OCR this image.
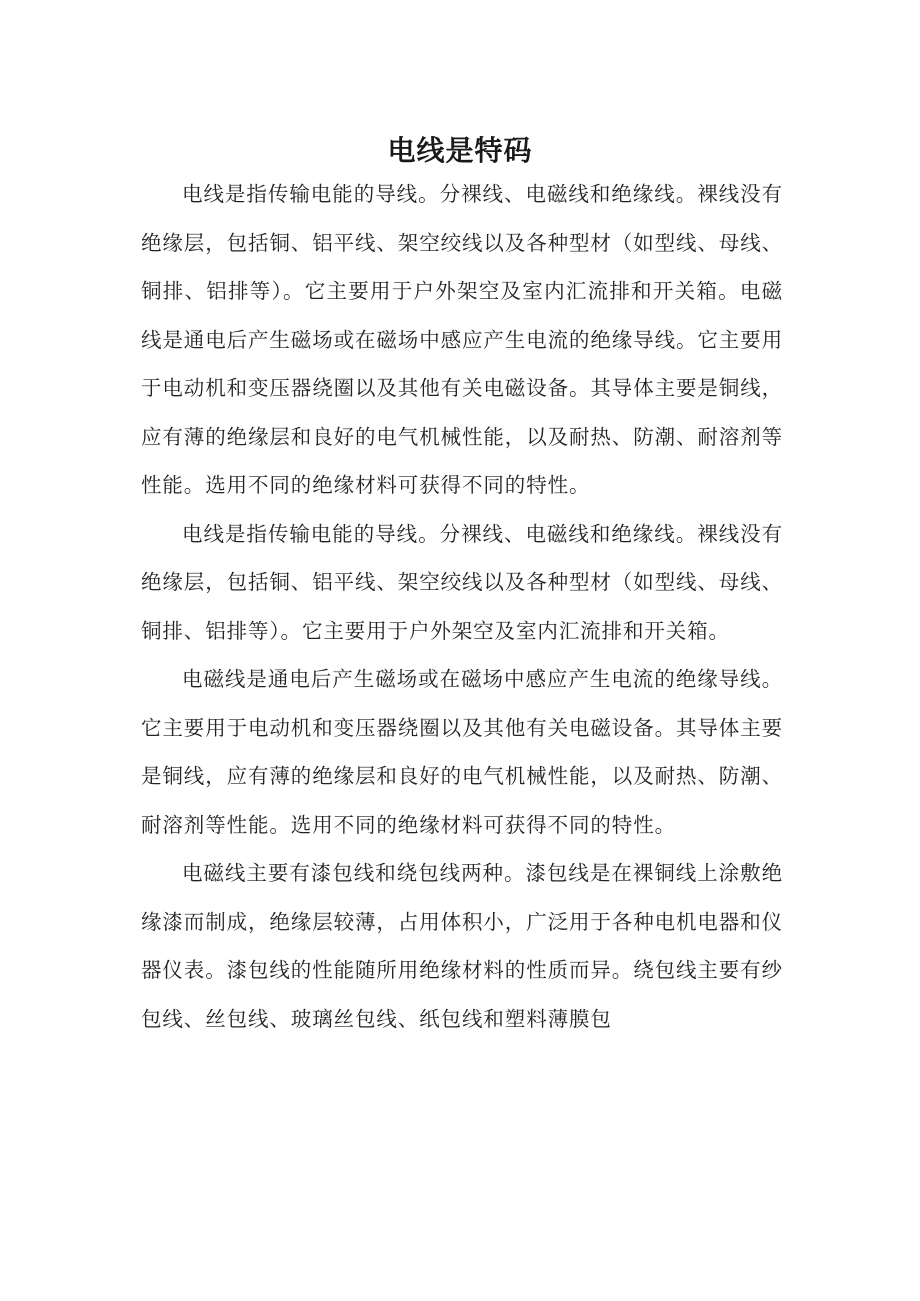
电线是特码

电线是指传输电能的导线。分裸线、电磁线和绝缘线。裸线没有绝缘层，包括铜、铝平线、架空绞线以及各种型材（如型线、母线、铜排、铝排等）。它主要用于户外架空及室内汇流排和开关箱。电磁线是通电后产生磁场或在磁场中感应产生电流的绝缘导线。它主要用于电动机和变压器绕圈以及其他有关电磁设备。其导体主要是铜线，应有薄的绝缘层和良好的电气机械性能，以及耐热、防潮、耐溶剂等性能。选用不同的绝缘材料可获得不同的特性。

电线是指传输电能的导线。分裸线、电磁线和绝缘线。裸线没有绝缘层，包括铜、铝平线、架空绞线以及各种型材（如型线、母线、铜排、铝排等）。它主要用于户外架空及室内汇流排和开关箱。

电磁线是通电后产生磁场或在磁场中感应产生电流的绝缘导线。它主要用于电动机和变压器绕圈以及其他有关电磁设备。其导体主要是铜线，应有薄的绝缘层和良好的电气机械性能，以及耐热、防潮、耐溶剂等性能。选用不同的绝缘材料可获得不同的特性。

电磁线主要有漆包线和绕包线两种。漆包线是在裸铜线上涂敷绝缘漆而制成，绝缘层较薄，占用体积小，广泛用于各种电机电器和仪器仪表。漆包线的性能随所用绝缘材料的性质而异。绕包线主要有纱包线、丝包线、玻璃丝包线、纸包线和塑料薄膜包
